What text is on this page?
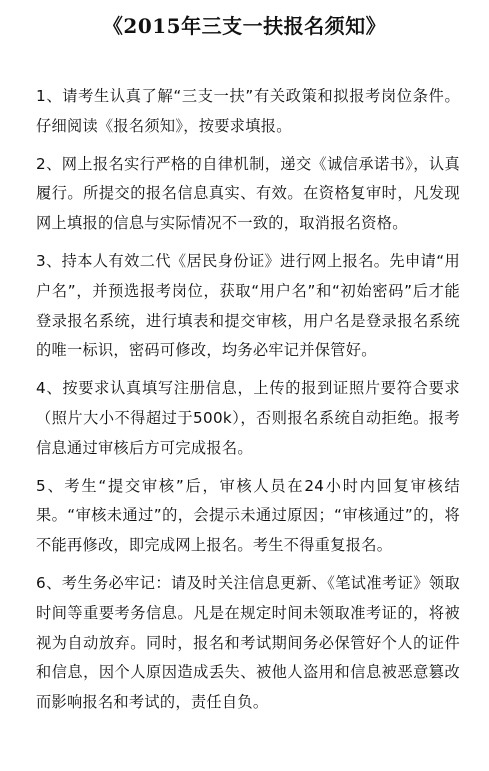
《2015年三支一扶报名须知》

1、请考生认真了解“三支一扶”有关政策和拟报考岗位条件。仔细阅读《报名须知》，按要求填报。

2、网上报名实行严格的自律机制，递交《诚信承诺书》，认真履行。所提交的报名信息真实、有效。在资格复审时，凡发现网上填报的信息与实际情况不一致的，取消报名资格。

3、持本人有效二代《居民身份证》进行网上报名。先申请“用户名”，并预选报考岗位，获取“用户名”和“初始密码”后才能登录报名系统，进行填表和提交审核，用户名是登录报名系统的唯一标识，密码可修改，均务必牢记并保管好。

4、按要求认真填写注册信息，上传的报到证照片要符合要求（照片大小不得超过于500k），否则报名系统自动拒绝。报考信息通过审核后方可完成报名。

5、考生“提交审核”后，审核人员在24小时内回复审核结果。“审核未通过”的，会提示未通过原因；“审核通过”的，将不能再修改，即完成网上报名。考生不得重复报名。

6、考生务必牢记：请及时关注信息更新、《笔试准考证》领取时间等重要考务信息。凡是在规定时间未领取准考证的，将被视为自动放弃。同时，报名和考试期间务必保管好个人的证件和信息，因个人原因造成丢失、被他人盗用和信息被恶意篡改而影响报名和考试的，责任自负。
